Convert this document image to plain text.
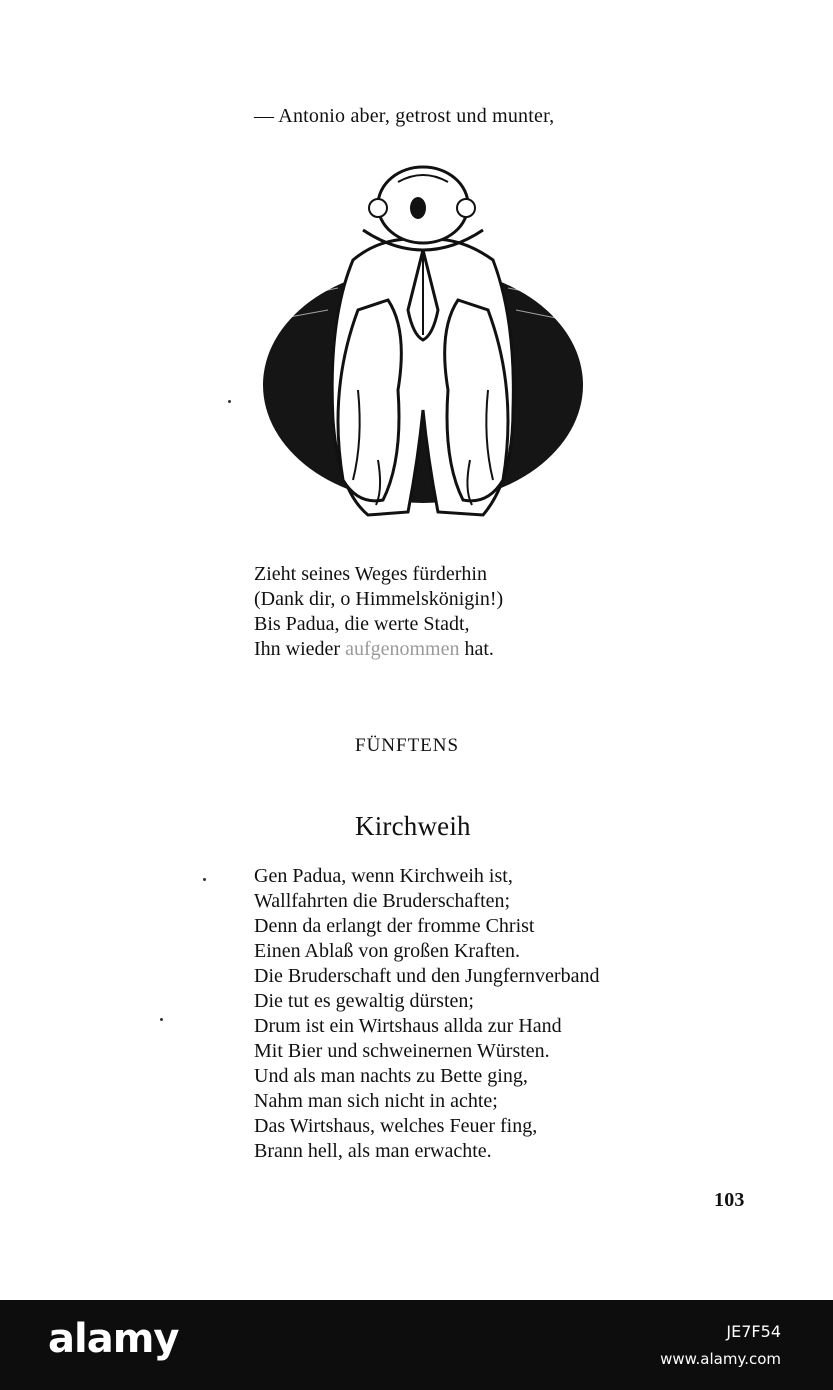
— Antonio aber, getrost und munter,
Zieht seines Weges fürderhin
(Dank dir, o Himmelskönigin!)
Bis Padua, die werte Stadt,
Ihn wieder aufgenommen hat.
FÜNFTENS
Kirchweih
Gen Padua, wenn Kirchweih ist,
Wallfahrten die Bruderschaften;
Denn da erlangt der fromme Christ
Einen Ablaß von großen Kraften.
Die Bruderschaft und den Jungfernverband
Die tut es gewaltig dürsten;
Drum ist ein Wirtshaus allda zur Hand
Mit Bier und schweinernen Würsten.
Und als man nachts zu Bette ging,
Nahm man sich nicht in achte;
Das Wirtshaus, welches Feuer fing,
Brann hell, als man erwachte.
103
alamy	JE7F54
www.alamy.com
